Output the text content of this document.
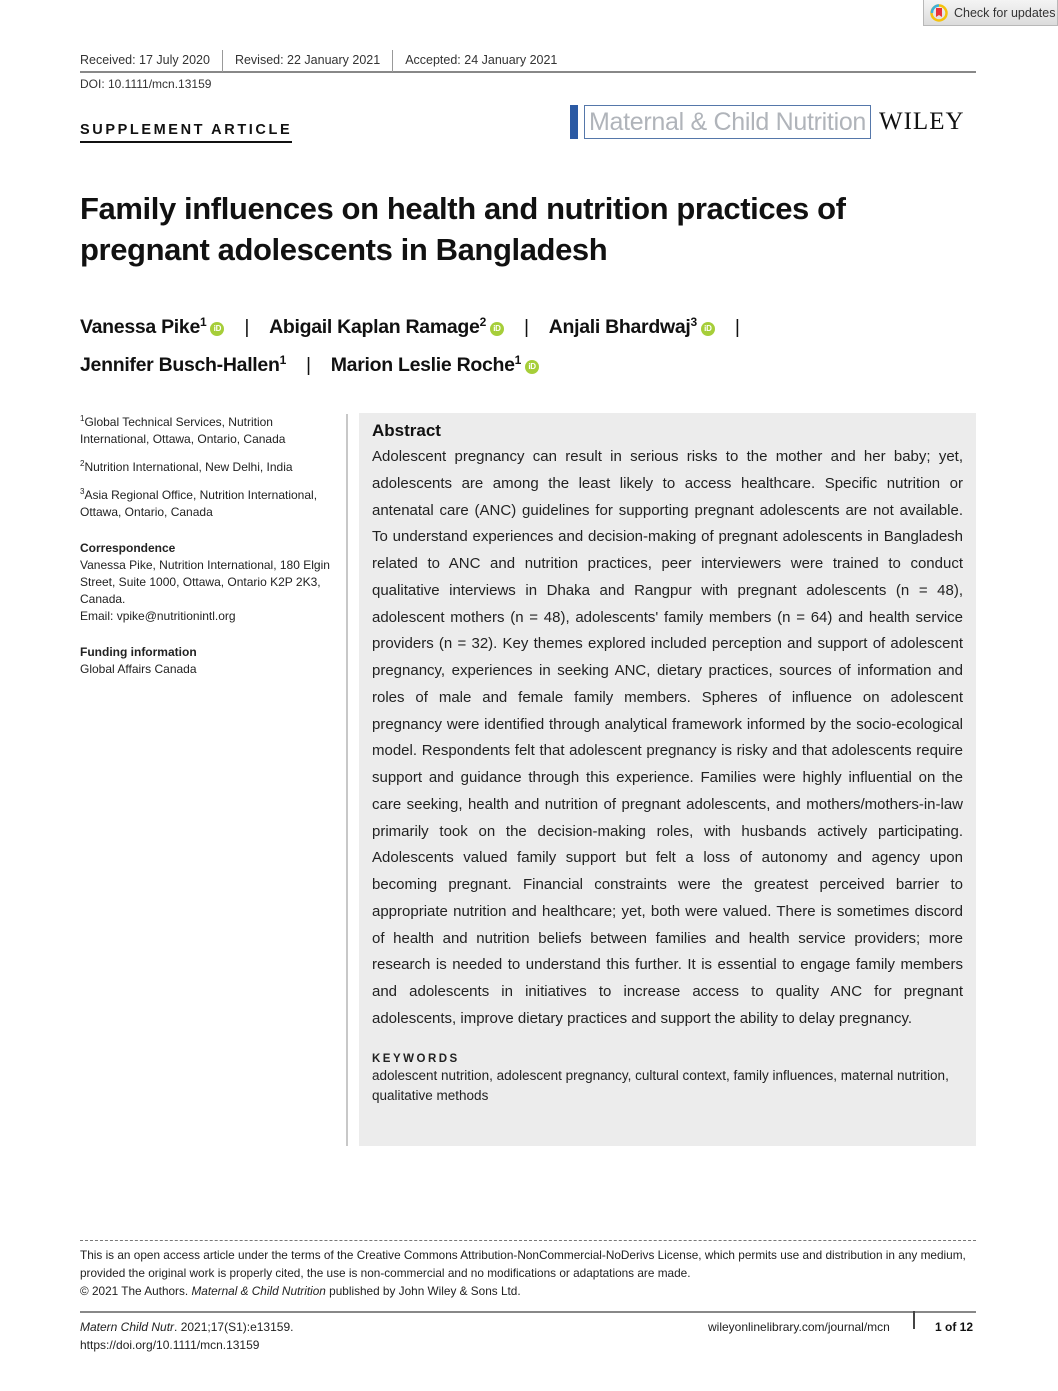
Check for updates
Received: 17 July 2020	Revised: 22 January 2021	Accepted: 24 January 2021
DOI: 10.1111/mcn.13159
SUPPLEMENT ARTICLE	Maternal & Child Nutrition WILEY
Family influences on health and nutrition practices of pregnant adolescents in Bangladesh
Vanessa Pike$^1$ iD | Abigail Kaplan Ramage$^2$ iD | Anjali Bhardwaj$^3$ iD |
Jennifer Busch-Hallen$^1$ | Marion Leslie Roche$^1$ iD
$^1$Global Technical Services, Nutrition International, Ottawa, Ontario, Canada
$^2$Nutrition International, New Delhi, India
$^3$Asia Regional Office, Nutrition International, Ottawa, Ontario, Canada
Correspondence
Vanessa Pike, Nutrition International, 180 Elgin Street, Suite 1000, Ottawa, Ontario K2P 2K3, Canada.
Email: vpike@nutritionintl.org
Funding information
Global Affairs Canada
Abstract

Adolescent pregnancy can result in serious risks to the mother and her baby; yet, adolescents are among the least likely to access healthcare. Specific nutrition or antenatal care (ANC) guidelines for supporting pregnant adolescents are not available. To understand experiences and decision-making of pregnant adolescents in Bangladesh related to ANC and nutrition practices, peer interviewers were trained to conduct qualitative interviews in Dhaka and Rangpur with pregnant adolescents (n = 48), adolescent mothers (n = 48), adolescents' family members (n = 64) and health service providers (n = 32). Key themes explored included perception and support of adolescent pregnancy, experiences in seeking ANC, dietary practices, sources of information and roles of male and female family members. Spheres of influence on adolescent pregnancy were identified through analytical framework informed by the socio-ecological model. Respondents felt that adolescent pregnancy is risky and that adolescents require support and guidance through this experience. Families were highly influential on the care seeking, health and nutrition of pregnant adolescents, and mothers/mothers-in-law primarily took on the decision-making roles, with husbands actively participating. Adolescents valued family support but felt a loss of autonomy and agency upon becoming pregnant. Financial constraints were the greatest perceived barrier to appropriate nutrition and healthcare; yet, both were valued. There is sometimes discord of health and nutrition beliefs between families and health service providers; more research is needed to understand this further. It is essential to engage family members and adolescents in initiatives to increase access to quality ANC for pregnant adolescents, improve dietary practices and support the ability to delay pregnancy.

KEYWORDS
adolescent nutrition, adolescent pregnancy, cultural context, family influences, maternal nutrition, qualitative methods
This is an open access article under the terms of the Creative Commons Attribution-NonCommercial-NoDerivs License, which permits use and distribution in any medium, provided the original work is properly cited, the use is non-commercial and no modifications or adaptations are made.
© 2021 The Authors. Maternal & Child Nutrition published by John Wiley & Sons Ltd.
Matern Child Nutr. 2021;17(S1):e13159.
https://doi.org/10.1111/mcn.13159
wileyonlinelibrary.com/journal/mcn	1 of 12
